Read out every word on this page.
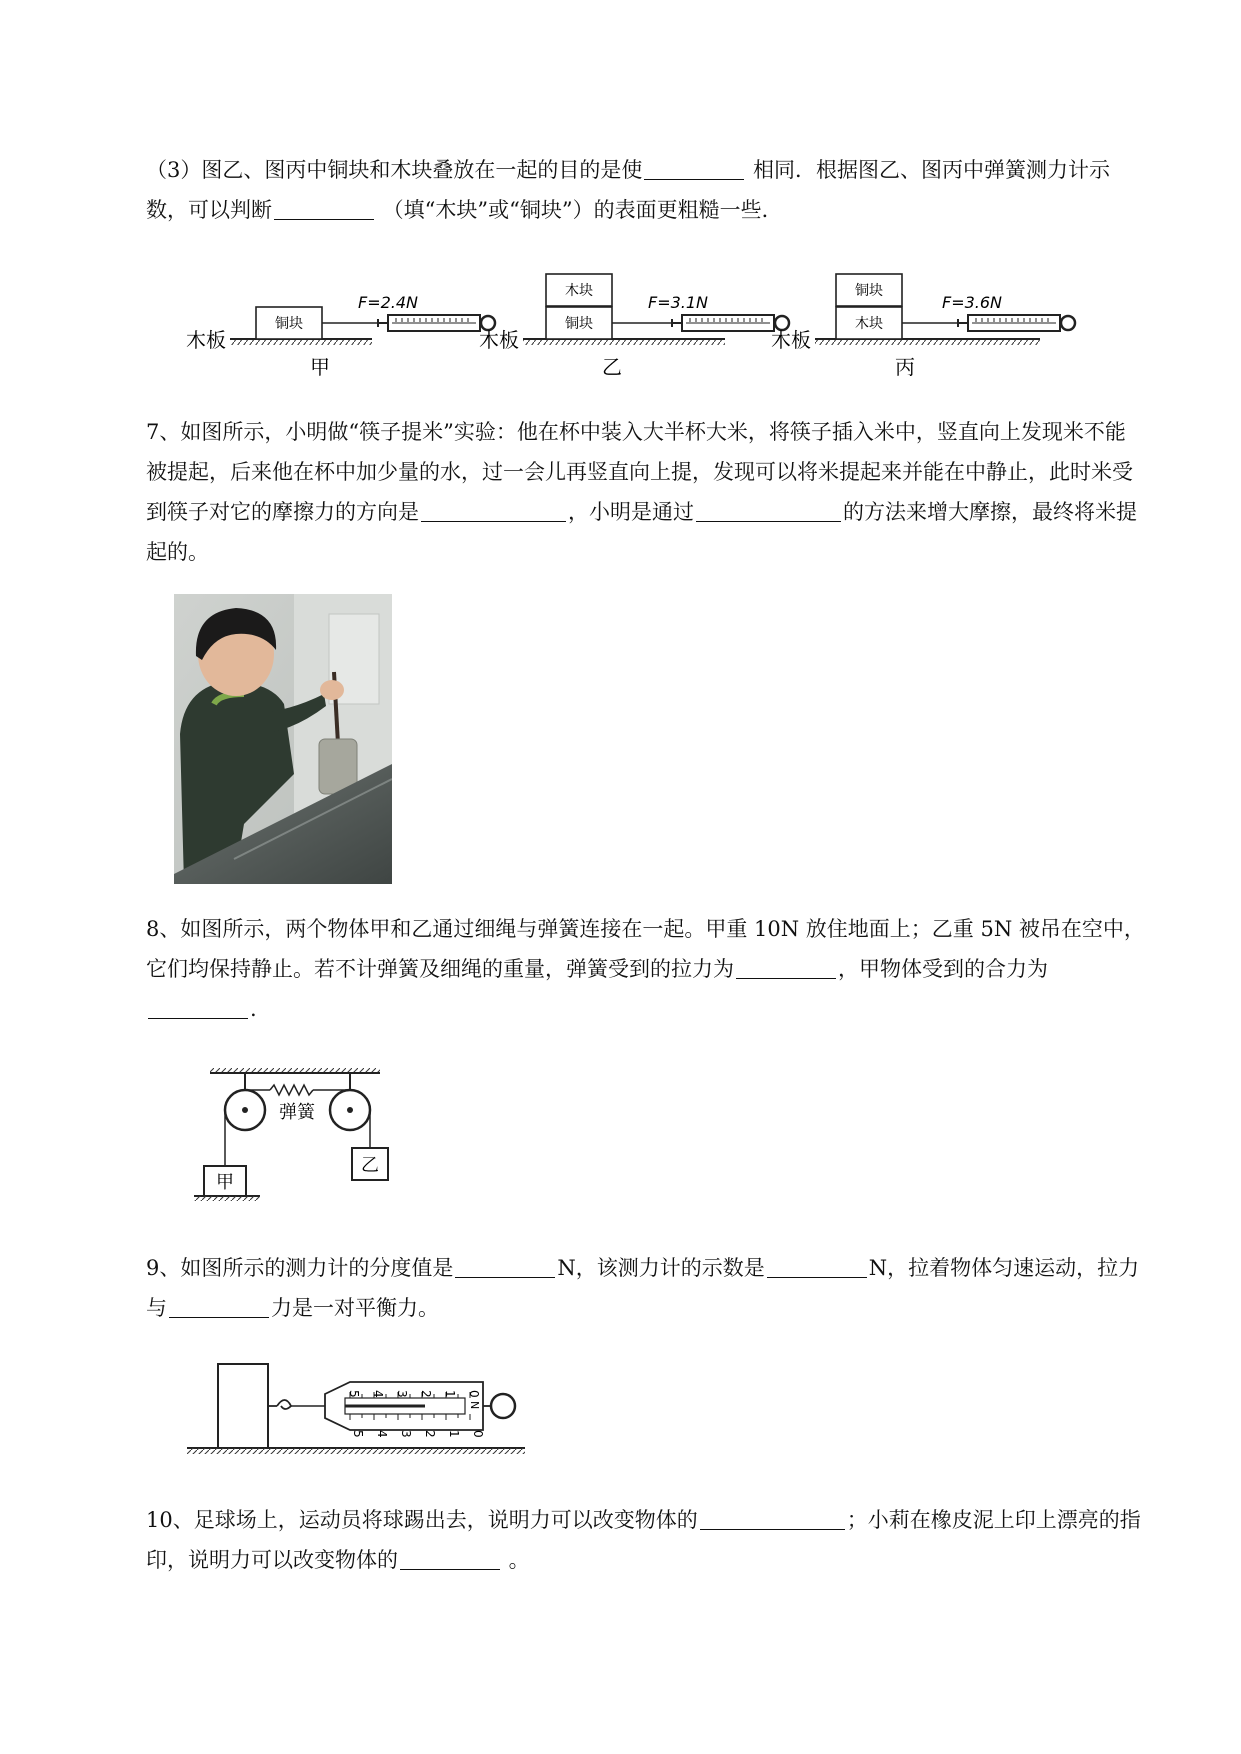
（3）图乙、图丙中铜块和木块叠放在一起的目的是使	相同．根据图乙、图丙中弹簧测力计示数，可以判断	（填“木块”或“铜块”）的表面更粗糙一些．

木板
铜块
F=2.4N
甲
木板
木块
铜块
F=3.1N
乙
木板
铜块
木块
F=3.6N
丙

7、如图所示，小明做“筷子提米”实验：他在杯中装入大半杯大米，将筷子插入米中，竖直向上发现米不能被提起，后来他在杯中加少量的水，过一会儿再竖直向上提，发现可以将米提起来并能在中静止，此时米受到筷子对它的摩擦力的方向是	，小明是通过	的方法来增大摩擦，最终将米提起的。

8、如图所示，两个物体甲和乙通过细绳与弹簧连接在一起。甲重 10N 放住地面上；乙重 5N 被吊在空中，它们均保持静止。若不计弹簧及细绳的重量，弹簧受到的拉力为	，甲物体受到的合力为.

弹簧
甲
乙

9、如图所示的测力计的分度值是	N，该测力计的示数是	N，拉着物体匀速运动，拉力与	力是一对平衡力。

5 4 3 2 1 0
5 4 3 2 1 0
N

10、足球场上，运动员将球踢出去，说明力可以改变物体的	；小莉在橡皮泥上印上漂亮的指印，说明力可以改变物体的	。
